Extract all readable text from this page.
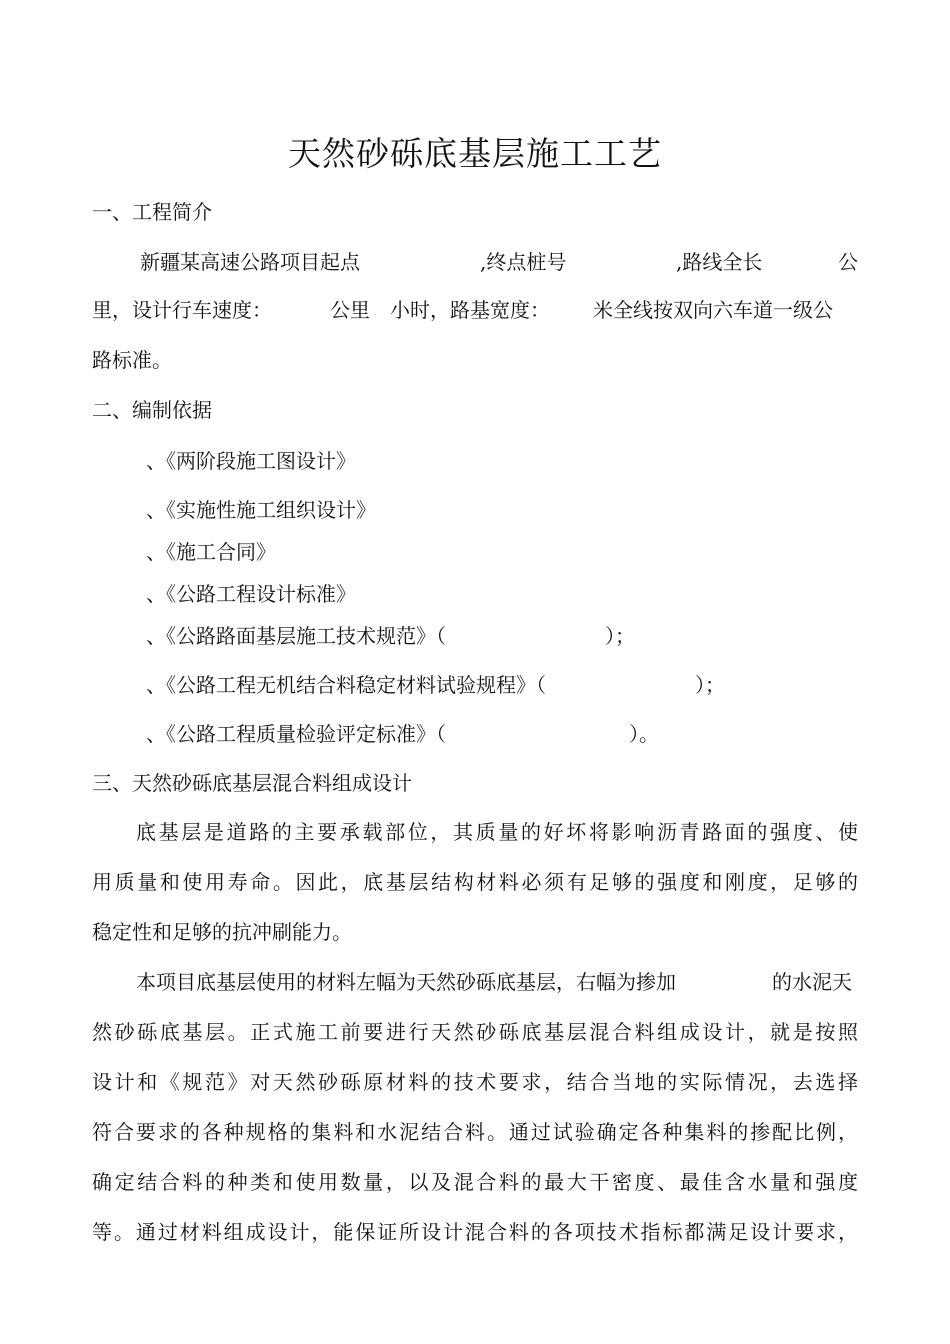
天然砂砾底基层施工工艺
一、工程简介
新疆某高速公路项目起点	,终点桩号	,路线全长	公
里，设计行车速度：	公里 小时，路基宽度： 米全线按双向六车道一级公
路标准。
二、编制依据
、《两阶段施工图设计》
、《实施性施工组织设计》
、《施工合同》
、《公路工程设计标准》
、《公路路面基层施工技术规范》（	）；
、《公路工程无机结合料稳定材料试验规程》（	）；
、《公路工程质量检验评定标准》（	）。
三、天然砂砾底基层混合料组成设计
底基层是道路的主要承载部位，其质量的好坏将影响沥青路面的强度、使
用质量和使用寿命。因此，底基层结构材料必须有足够的强度和刚度，足够的
稳定性和足够的抗冲刷能力。
本项目底基层使用的材料左幅为天然砂砾底基层，右幅为掺加	的水泥天
然砂砾底基层。正式施工前要进行天然砂砾底基层混合料组成设计，就是按照
设计和《规范》对天然砂砾原材料的技术要求，结合当地的实际情况，去选择
符合要求的各种规格的集料和水泥结合料。通过试验确定各种集料的掺配比例，
确定结合料的种类和使用数量，以及混合料的最大干密度、最佳含水量和强度
等。通过材料组成设计，能保证所设计混合料的各项技术指标都满足设计要求，
